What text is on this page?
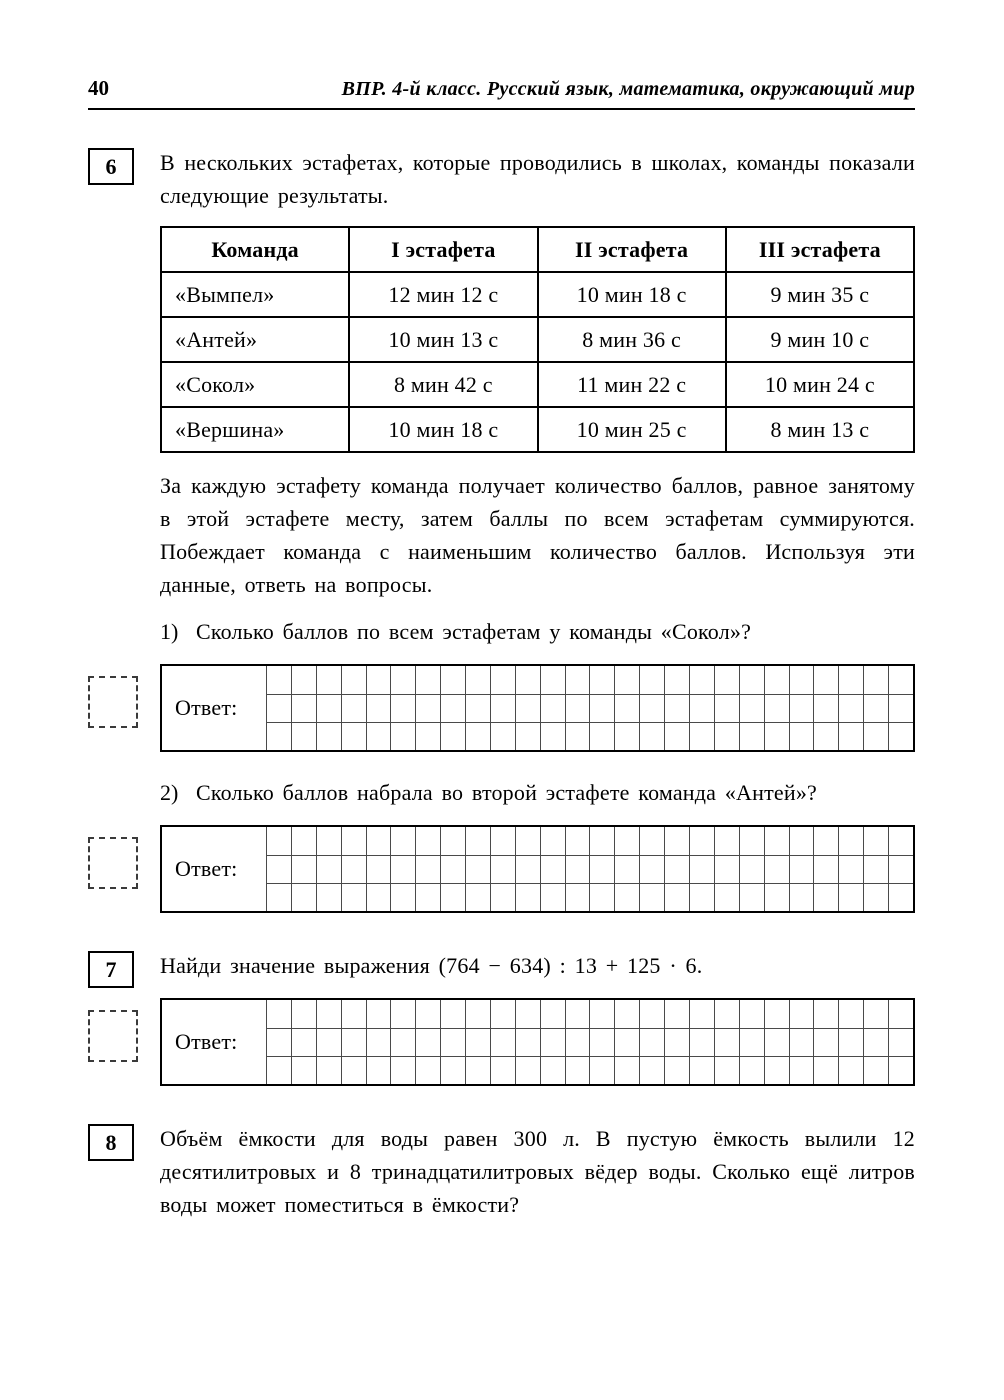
40	ВПР. 4-й класс. Русский язык, математика, окружающий мир
6	В нескольких эстафетах, которые проводились в школах, команды показали следующие результаты.

Команда	I эстафета	II эстафета	III эстафета
«Вымпел»	12 мин 12 с	10 мин 18 с	9 мин 35 с
«Антей»	10 мин 13 с	8 мин 36 с	9 мин 10 с
«Сокол»	8 мин 42 с	11 мин 22 с	10 мин 24 с
«Вершина»	10 мин 18 с	10 мин 25 с	8 мин 13 с

За каждую эстафету команда получает количество баллов, равное занятому в этой эстафете месту, затем баллы по всем эстафетам суммируются. Побеждает команда с наименьшим количество баллов. Используя эти данные, ответь на вопросы.

1) Сколько баллов по всем эстафетам у команды «Сокол»?
Ответ:
2) Сколько баллов набрала во второй эстафете команда «Антей»?
Ответ:
7	Найди значение выражения (764 − 634) : 13 + 125 · 6.

Ответ:
8	Объём ёмкости для воды равен 300 л. В пустую ёмкость вылили 12 десятилитровых и 8 тринадцатилитровых вёдер воды. Сколько ещё литров воды может поместиться в ёмкости?
